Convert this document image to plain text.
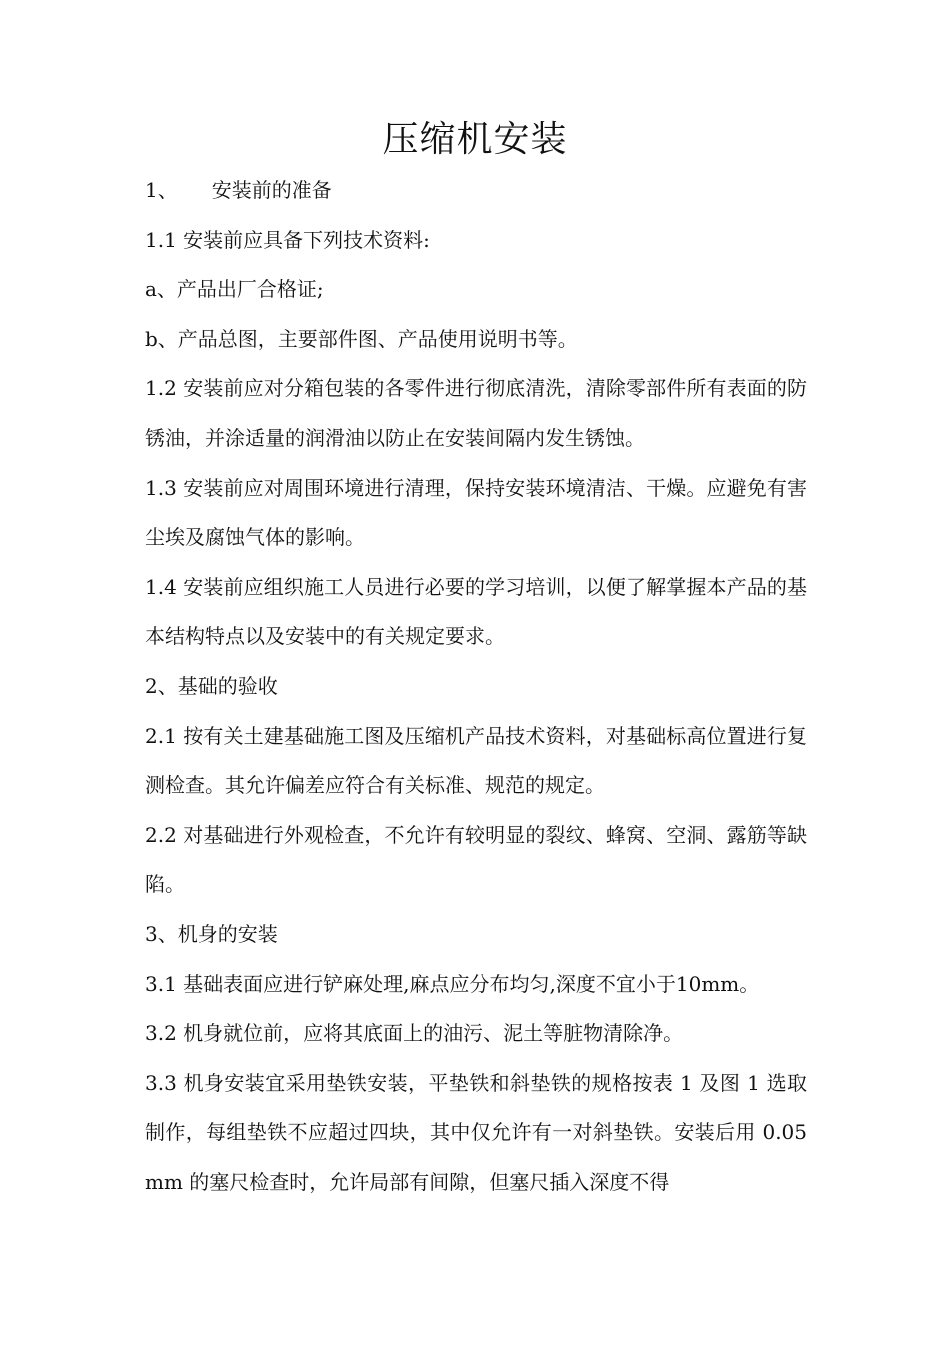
压缩机安装

1、 安装前的准备

1.1 安装前应具备下列技术资料:

a、产品出厂合格证;

b、产品总图，主要部件图、产品使用说明书等。

1.2 安装前应对分箱包装的各零件进行彻底清洗，清除零部件所有表面的防锈油，并涂适量的润滑油以防止在安装间隔内发生锈蚀。

1.3 安装前应对周围环境进行清理，保持安装环境清洁、干燥。应避免有害尘埃及腐蚀气体的影响。

1.4 安装前应组织施工人员进行必要的学习培训，以便了解掌握本产品的基本结构特点以及安装中的有关规定要求。

2、基础的验收

2.1 按有关土建基础施工图及压缩机产品技术资料，对基础标高位置进行复测检查。其允许偏差应符合有关标准、规范的规定。

2.2 对基础进行外观检查，不允许有较明显的裂纹、蜂窝、空洞、露筋等缺陷。

3、机身的安装

3.1 基础表面应进行铲麻处理,麻点应分布均匀,深度不宜小于10mm。

3.2 机身就位前，应将其底面上的油污、泥土等脏物清除净。

3.3 机身安装宜采用垫铁安装，平垫铁和斜垫铁的规格按表 1 及图 1 选取制作，每组垫铁不应超过四块，其中仅允许有一对斜垫铁。安装后用 0.05mm 的塞尺检查时，允许局部有间隙，但塞尺插入深度不得
